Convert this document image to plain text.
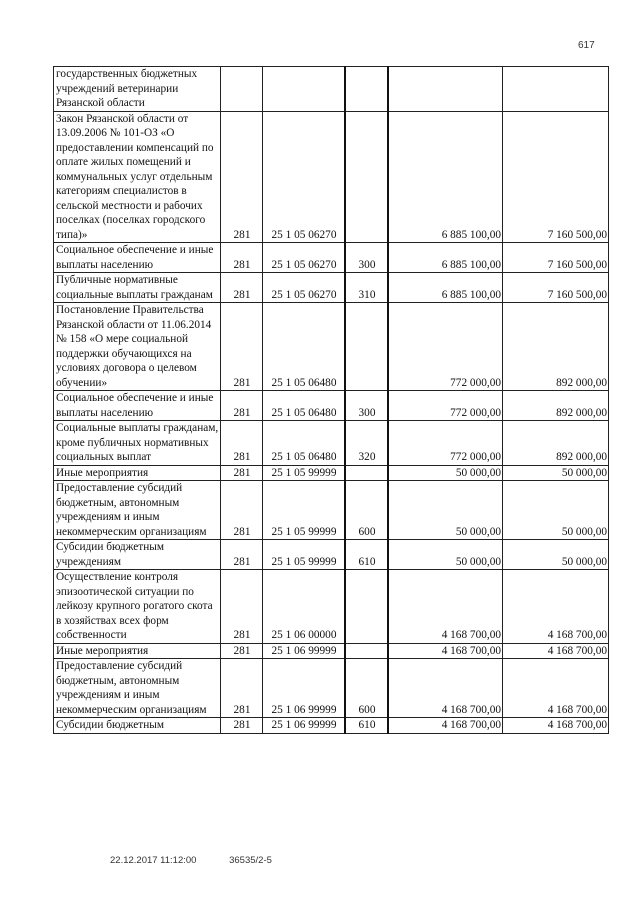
617
государственных бюджетных учреждений ветеринарии Рязанской области					
Закон Рязанской области от 13.09.2006 № 101-ОЗ «О предоставлении компенсаций по оплате жилых помещений и коммунальных услуг отдельным категориям специалистов в сельской местности и рабочих поселках (поселках городского типа)»	281	25 1 05 06270		6 885 100,00	7 160 500,00
Социальное обеспечение и иные выплаты населению	281	25 1 05 06270	300	6 885 100,00	7 160 500,00
Публичные нормативные социальные выплаты гражданам	281	25 1 05 06270	310	6 885 100,00	7 160 500,00
Постановление Правительства Рязанской области от 11.06.2014 № 158 «О мере социальной поддержки обучающихся на условиях договора о целевом обучении»	281	25 1 05 06480		772 000,00	892 000,00
Социальное обеспечение и иные выплаты населению	281	25 1 05 06480	300	772 000,00	892 000,00
Социальные выплаты гражданам, кроме публичных нормативных социальных выплат	281	25 1 05 06480	320	772 000,00	892 000,00
Иные мероприятия	281	25 1 05 99999		50 000,00	50 000,00
Предоставление субсидий бюджетным, автономным учреждениям и иным некоммерческим организациям	281	25 1 05 99999	600	50 000,00	50 000,00
Субсидии бюджетным учреждениям	281	25 1 05 99999	610	50 000,00	50 000,00
Осуществление контроля эпизоотической ситуации по лейкозу крупного рогатого скота в хозяйствах всех форм собственности	281	25 1 06 00000		4 168 700,00	4 168 700,00
Иные мероприятия	281	25 1 06 99999		4 168 700,00	4 168 700,00
Предоставление субсидий бюджетным, автономным учреждениям и иным некоммерческим организациям	281	25 1 06 99999	600	4 168 700,00	4 168 700,00
Субсидии бюджетным	281	25 1 06 99999	610	4 168 700,00	4 168 700,00
22.12.2017 11:12:00	36535/2-5
